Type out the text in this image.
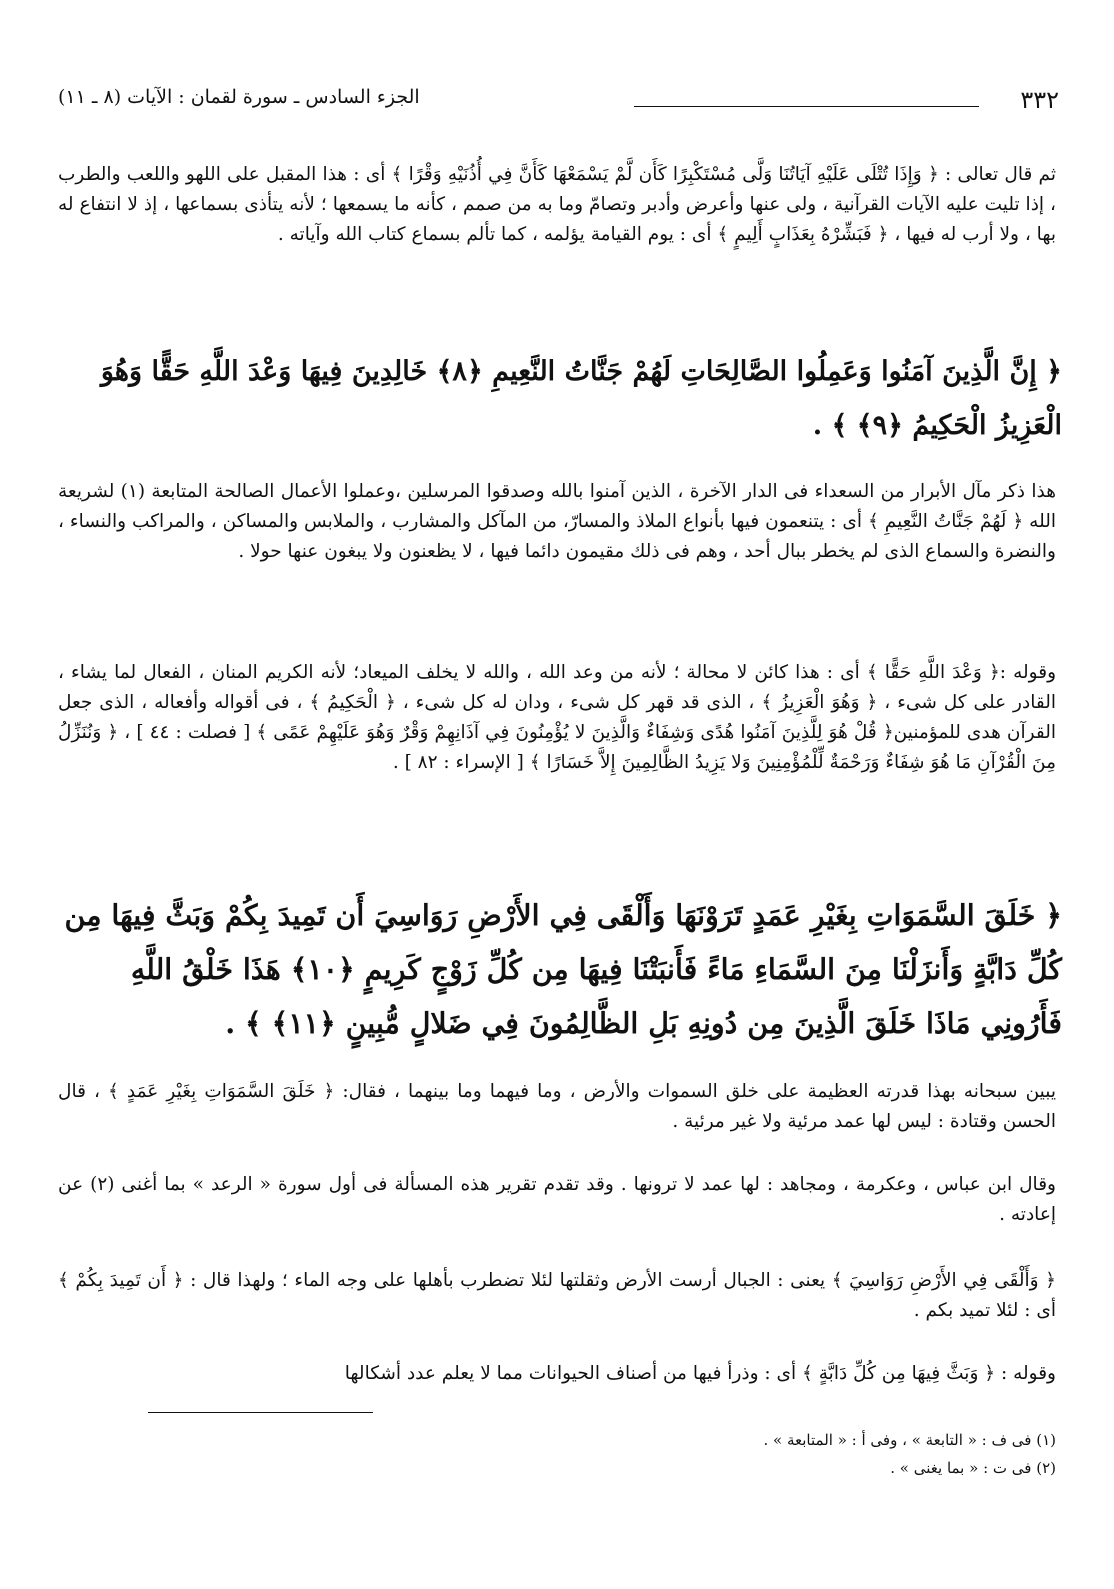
٣٣٢
الجزء السادس ـ سورة لقمان : الآيات (٨ ـ ١١)

ثم قال تعالى : ﴿ وَإِذَا تُتْلَى عَلَيْهِ آيَاتُنَا وَلَّى مُسْتَكْبِرًا كَأَن لَّمْ يَسْمَعْهَا كَأَنَّ فِي أُذُنَيْهِ وَقْرًا ﴾ أى : هذا المقبل على اللهو واللعب والطرب ، إذا تليت عليه الآيات القرآنية ، ولى عنها وأعرض وأدبر وتصامّ وما به من صمم ، كأنه ما يسمعها ؛ لأنه يتأذى بسماعها ، إذ لا انتفاع له بها ، ولا أرب له فيها ، ﴿ فَبَشِّرْهُ بِعَذَابٍ أَلِيمٍ ﴾ أى : يوم القيامة يؤلمه ، كما تألم بسماع كتاب الله وآياته .

﴿ إِنَّ الَّذِينَ آمَنُوا وَعَمِلُوا الصَّالِحَاتِ لَهُمْ جَنَّاتُ النَّعِيمِ ﴿٨﴾ خَالِدِينَ فِيهَا وَعْدَ اللَّهِ حَقًّا وَهُوَ الْعَزِيزُ الْحَكِيمُ ﴿٩﴾ ﴾ .

هذا ذكر مآل الأبرار من السعداء فى الدار الآخرة ، الذين آمنوا بالله وصدقوا المرسلين ،وعملوا الأعمال الصالحة المتابعة (١) لشريعة الله ﴿ لَهُمْ جَنَّاتُ النَّعِيمِ ﴾ أى : يتنعمون فيها بأنواع الملاذ والمسارّ، من المآكل والمشارب ، والملابس والمساكن ، والمراكب والنساء ، والنضرة والسماع الذى لم يخطر ببال أحد ، وهم فى ذلك مقيمون دائما فيها ، لا يظعنون ولا يبغون عنها حولا .

وقوله :﴿ وَعْدَ اللَّهِ حَقًّا ﴾ أى : هذا كائن لا محالة ؛ لأنه من وعد الله ، والله لا يخلف الميعاد؛ لأنه الكريم المنان ، الفعال لما يشاء ، القادر على كل شىء ، ﴿ وَهُوَ الْعَزِيزُ ﴾ ، الذى قد قهر كل شىء ، ودان له كل شىء ، ﴿ الْحَكِيمُ ﴾ ، فى أقواله وأفعاله ، الذى جعل القرآن هدى للمؤمنين﴿ قُلْ هُوَ لِلَّذِينَ آمَنُوا هُدًى وَشِفَاءٌ وَالَّذِينَ لا يُؤْمِنُونَ فِي آذَانِهِمْ وَقْرٌ وَهُوَ عَلَيْهِمْ عَمًى ﴾ [ فصلت : ٤٤ ] ، ﴿ وَنُنَزِّلُ مِنَ الْقُرْآنِ مَا هُوَ شِفَاءٌ وَرَحْمَةٌ لِّلْمُؤْمِنِينَ وَلا يَزِيدُ الظَّالِمِينَ إِلاَّ خَسَارًا ﴾ [ الإسراء : ٨٢ ] .

﴿ خَلَقَ السَّمَوَاتِ بِغَيْرِ عَمَدٍ تَرَوْنَهَا وَأَلْقَى فِي الأَرْضِ رَوَاسِيَ أَن تَمِيدَ بِكُمْ وَبَثَّ فِيهَا مِن كُلِّ دَابَّةٍ وَأَنزَلْنَا مِنَ السَّمَاءِ مَاءً فَأَنبَتْنَا فِيهَا مِن كُلِّ زَوْجٍ كَرِيمٍ ﴿١٠﴾ هَذَا خَلْقُ اللَّهِ فَأَرُونِي مَاذَا خَلَقَ الَّذِينَ مِن دُونِهِ بَلِ الظَّالِمُونَ فِي ضَلالٍ مُّبِينٍ ﴿١١﴾ ﴾ .

يبين سبحانه بهذا قدرته العظيمة على خلق السموات والأرض ، وما فيهما وما بينهما ، فقال: ﴿ خَلَقَ السَّمَوَاتِ بِغَيْرِ عَمَدٍ ﴾ ، قال الحسن وقتادة : ليس لها عمد مرئية ولا غير مرئية .

وقال ابن عباس ، وعكرمة ، ومجاهد : لها عمد لا ترونها . وقد تقدم تقرير هذه المسألة فى أول سورة « الرعد » بما أغنى (٢) عن إعادته .

﴿ وَأَلْقَى فِي الأَرْضِ رَوَاسِيَ ﴾ يعنى : الجبال أرست الأرض وثقلتها لئلا تضطرب بأهلها على وجه الماء ؛ ولهذا قال : ﴿ أَن تَمِيدَ بِكُمْ ﴾ أى : لئلا تميد بكم .

وقوله : ﴿ وَبَثَّ فِيهَا مِن كُلِّ دَابَّةٍ ﴾ أى : وذرأ فيها من أصناف الحيوانات مما لا يعلم عدد أشكالها

(١) فى ف : « التابعة » ، وفى أ : « المتابعة » .

(٢) فى ت : « بما يغنى » .
